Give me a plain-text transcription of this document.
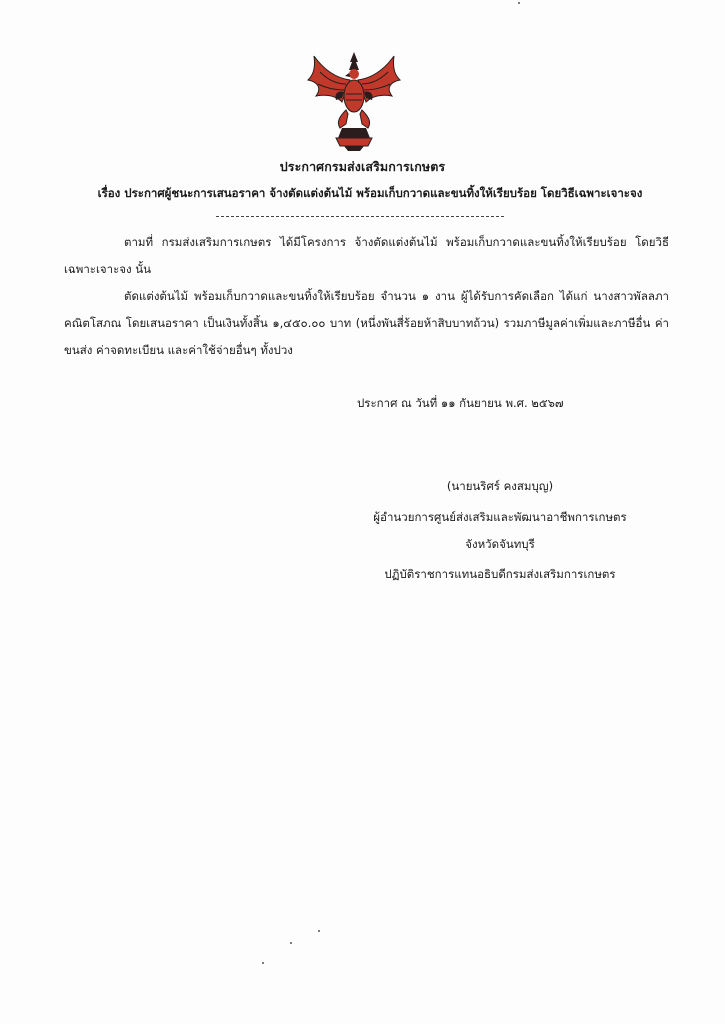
ประกาศกรมส่งเสริมการเกษตร
เรื่อง ประกาศผู้ชนะการเสนอราคา จ้างตัดแต่งต้นไม้ พร้อมเก็บกวาดและขนทิ้งให้เรียบร้อย โดยวิธีเฉพาะเจาะจง
ตามที่ กรมส่งเสริมการเกษตร ได้มีโครงการ จ้างตัดแต่งต้นไม้ พร้อมเก็บกวาดและขนทิ้งให้เรียบร้อย โดยวิธีเฉพาะเจาะจง นั้น
ตัดแต่งต้นไม้ พร้อมเก็บกวาดและขนทิ้งให้เรียบร้อย จำนวน ๑ งาน ผู้ได้รับการคัดเลือก ได้แก่ นางสาวพัลลภา คณิตโสภณ โดยเสนอราคา เป็นเงินทั้งสิ้น ๑,๔๕๐.๐๐ บาท (หนึ่งพันสี่ร้อยห้าสิบบาทถ้วน) รวมภาษีมูลค่าเพิ่มและภาษีอื่น ค่าขนส่ง ค่าจดทะเบียน และค่าใช้จ่ายอื่นๆ ทั้งปวง
ประกาศ ณ วันที่ ๑๑ กันยายน พ.ศ. ๒๕๖๗
(นายนริศร์ คงสมบุญ)
ผู้อำนวยการศูนย์ส่งเสริมและพัฒนาอาชีพการเกษตร
จังหวัดจันทบุรี
ปฏิบัติราชการแทนอธิบดีกรมส่งเสริมการเกษตร
